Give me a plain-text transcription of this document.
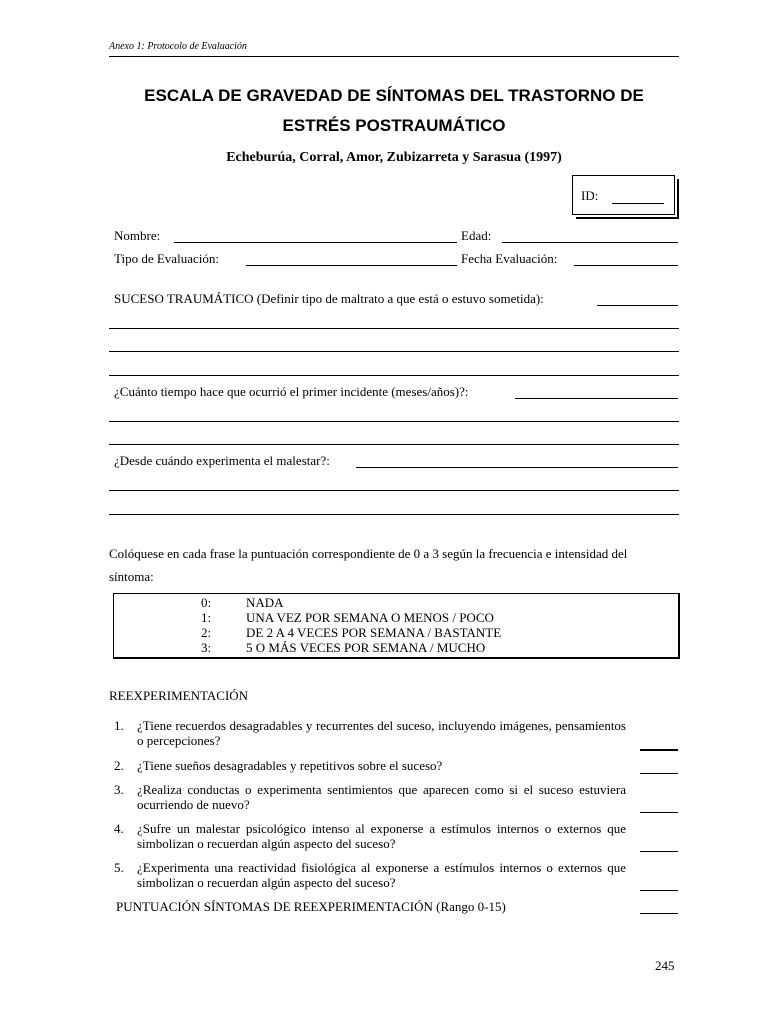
Anexo 1: Protocolo de Evaluación
ESCALA DE GRAVEDAD DE SÍNTOMAS DEL TRASTORNO DE
ESTRÉS POSTRAUMÁTICO
Echeburúa, Corral, Amor, Zubizarreta y Sarasua (1997)
ID:
Nombre:	Edad:
Tipo de Evaluación:	Fecha Evaluación:
SUCESO TRAUMÁTICO (Definir tipo de maltrato a que está o estuvo sometida):
¿Cuánto tiempo hace que ocurrió el primer incidente (meses/años)?:
¿Desde cuándo experimenta el malestar?:
Colóquese en cada frase la puntuación correspondiente de 0 a 3 según la frecuencia e intensidad del
síntoma:
0:	NADA
1:	UNA VEZ POR SEMANA O MENOS / POCO
2:	DE 2 A 4 VECES POR SEMANA / BASTANTE
3:	5 O MÁS VECES POR SEMANA / MUCHO
REEXPERIMENTACIÓN
1. ¿Tiene recuerdos desagradables y recurrentes del suceso, incluyendo imágenes, pensamientos o percepciones?
2. ¿Tiene sueños desagradables y repetitivos sobre el suceso?
3. ¿Realiza conductas o experimenta sentimientos que aparecen como si el suceso estuviera ocurriendo de nuevo?
4. ¿Sufre un malestar psicológico intenso al exponerse a estímulos internos o externos que simbolizan o recuerdan algún aspecto del suceso?
5. ¿Experimenta una reactividad fisiológica al exponerse a estímulos internos o externos que simbolizan o recuerdan algún aspecto del suceso?
PUNTUACIÓN SÍNTOMAS DE REEXPERIMENTACIÓN (Rango 0-15)
245
